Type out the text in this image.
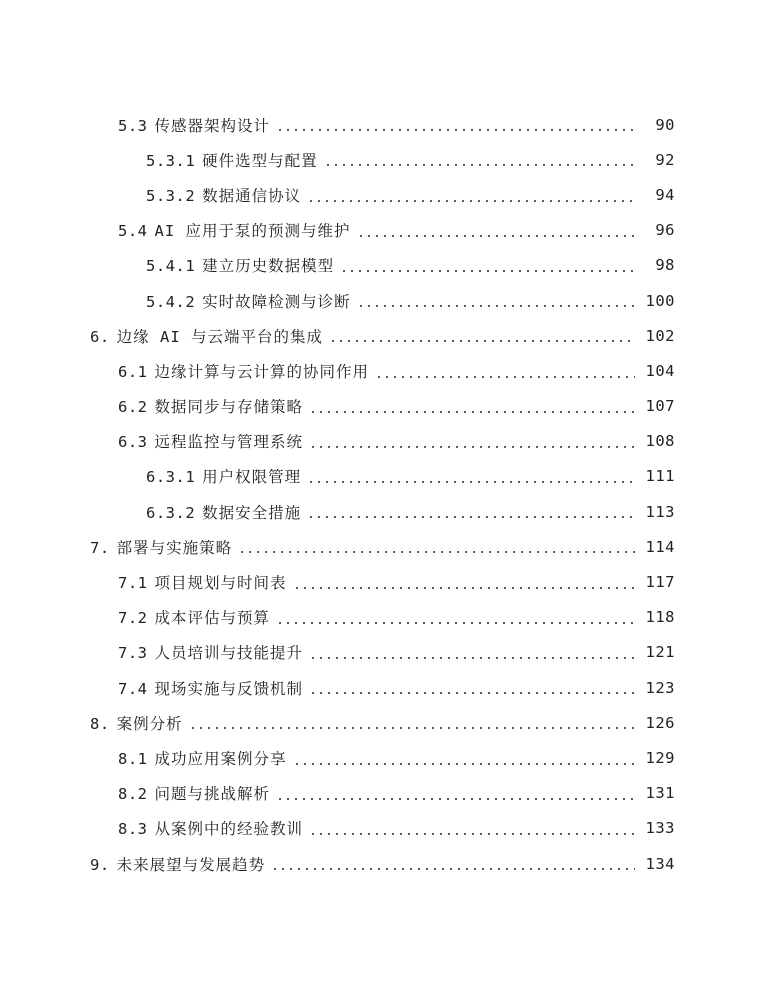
5.3 传感器架构设计	90
5.3.1 硬件选型与配置	92
5.3.2 数据通信协议	94
5.4 AI 应用于泵的预测与维护	96
5.4.1 建立历史数据模型	98
5.4.2 实时故障检测与诊断	100
6. 边缘 AI 与云端平台的集成	102
6.1 边缘计算与云计算的协同作用	104
6.2 数据同步与存储策略	107
6.3 远程监控与管理系统	108
6.3.1 用户权限管理	111
6.3.2 数据安全措施	113
7. 部署与实施策略	114
7.1 项目规划与时间表	117
7.2 成本评估与预算	118
7.3 人员培训与技能提升	121
7.4 现场实施与反馈机制	123
8. 案例分析	126
8.1 成功应用案例分享	129
8.2 问题与挑战解析	131
8.3 从案例中的经验教训	133
9. 未来展望与发展趋势	134
